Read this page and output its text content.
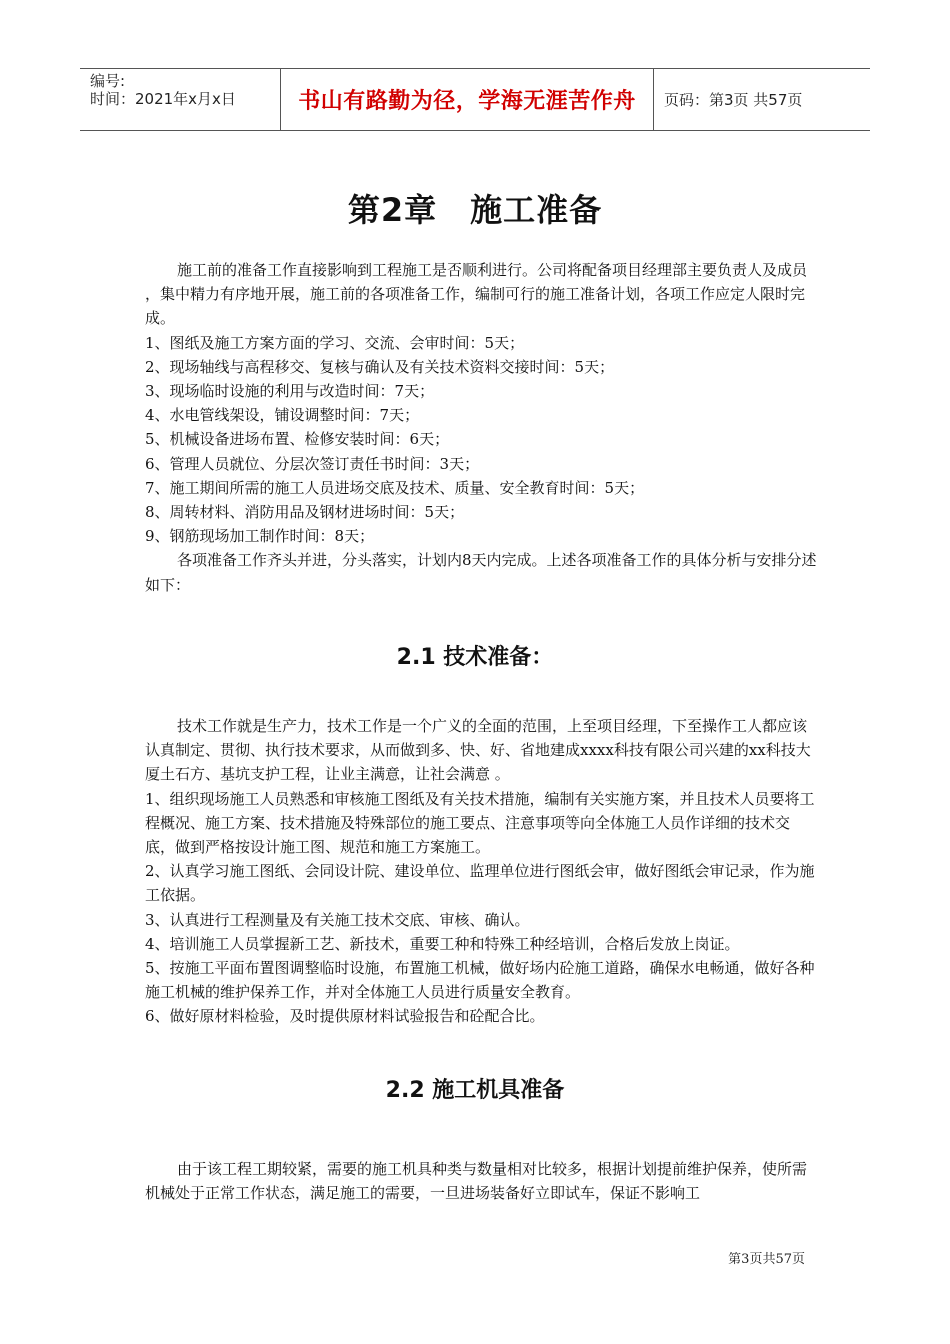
编号:
时间：2021年x月x日	书山有路勤为径，学海无涯苦作舟	页码：第3页 共57页
第2章　施工准备

施工前的准备工作直接影响到工程施工是否顺利进行。公司将配备项目经理部主要负责人及成员 ，集中精力有序地开展，施工前的各项准备工作，编制可行的施工准备计划，各项工作应定人限时完成。

1、图纸及施工方案方面的学习、交流、会审时间：5天；

2、现场轴线与高程移交、复核与确认及有关技术资料交接时间：5天；

3、现场临时设施的利用与改造时间：7天；

4、水电管线架设，铺设调整时间：7天；

5、机械设备进场布置、检修安装时间：6天；

6、管理人员就位、分层次签订责任书时间：3天；

7、施工期间所需的施工人员进场交底及技术、质量、安全教育时间：5天；

8、周转材料、消防用品及钢材进场时间：5天；

9、钢筋现场加工制作时间：8天；

各项准备工作齐头并进，分头落实，计划内8天内完成。上述各项准备工作的具体分析与安排分述如下：

2.1 技术准备：

技术工作就是生产力，技术工作是一个广义的全面的范围，上至项目经理，下至操作工人都应该认真制定、贯彻、执行技术要求，从而做到多、快、好、省地建成xxxx科技有限公司兴建的xx科技大厦土石方、基坑支护工程，让业主满意，让社会满意 。

1、组织现场施工人员熟悉和审核施工图纸及有关技术措施，编制有关实施方案，并且技术人员要将工程概况、施工方案、技术措施及特殊部位的施工要点、注意事项等向全体施工人员作详细的技术交底，做到严格按设计施工图、规范和施工方案施工。

2、认真学习施工图纸、会同设计院、建设单位、监理单位进行图纸会审，做好图纸会审记录，作为施工依据。

3、认真进行工程测量及有关施工技术交底、审核、确认。

4、培训施工人员掌握新工艺、新技术，重要工种和特殊工种经培训，合格后发放上岗证。

5、按施工平面布置图调整临时设施，布置施工机械，做好场内砼施工道路，确保水电畅通，做好各种施工机械的维护保养工作，并对全体施工人员进行质量安全教育。

6、做好原材料检验，及时提供原材料试验报告和砼配合比。

2.2 施工机具准备

由于该工程工期较紧，需要的施工机具种类与数量相对比较多，根据计划提前维护保养，使所需机械处于正常工作状态，满足施工的需要，一旦进场装备好立即试车，保证不影响工

第3页共57页
